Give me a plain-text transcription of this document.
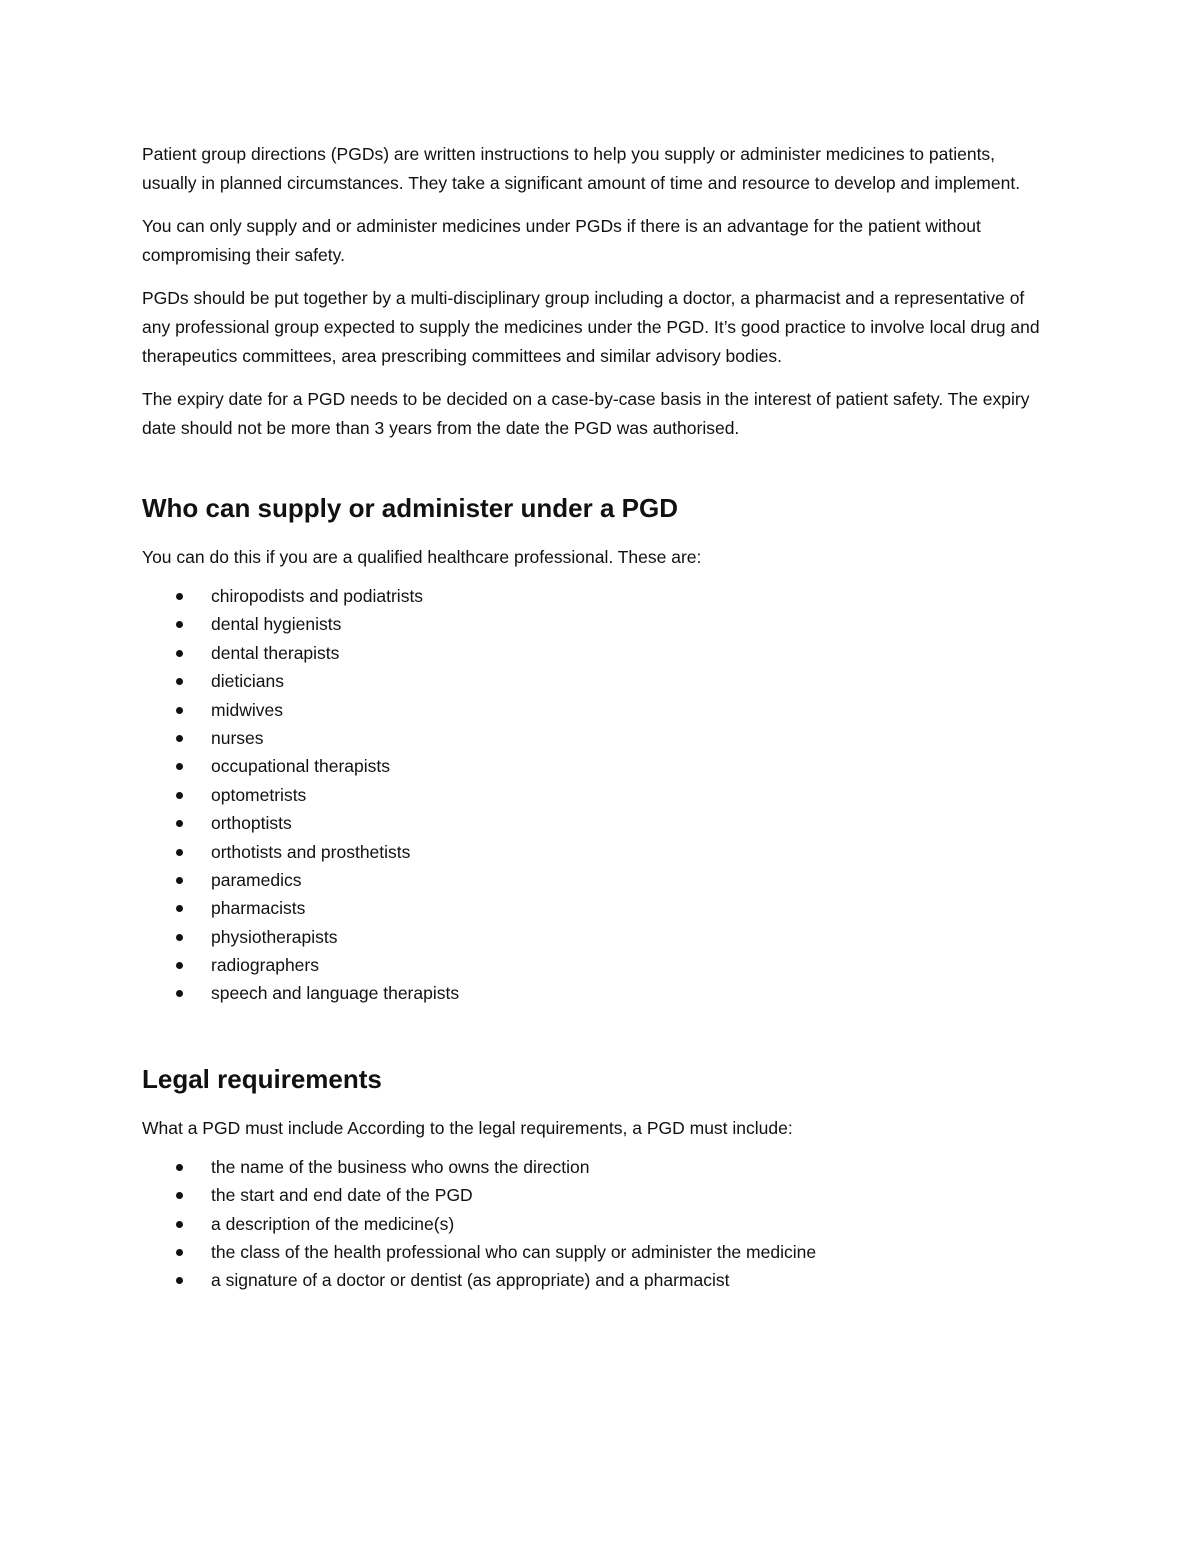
Patient group directions (PGDs) are written instructions to help you supply or administer medicines to patients, usually in planned circumstances. They take a significant amount of time and resource to develop and implement.

You can only supply and or administer medicines under PGDs if there is an advantage for the patient without compromising their safety.

PGDs should be put together by a multi-disciplinary group including a doctor, a pharmacist and a representative of any professional group expected to supply the medicines under the PGD. It’s good practice to involve local drug and therapeutics committees, area prescribing committees and similar advisory bodies.

The expiry date for a PGD needs to be decided on a case-by-case basis in the interest of patient safety. The expiry date should not be more than 3 years from the date the PGD was authorised.

Who can supply or administer under a PGD

You can do this if you are a qualified healthcare professional. These are:

chiropodists and podiatrists
dental hygienists
dental therapists
dieticians
midwives
nurses
occupational therapists
optometrists
orthoptists
orthotists and prosthetists
paramedics
pharmacists
physiotherapists
radiographers
speech and language therapists
Legal requirements

What a PGD must include According to the legal requirements, a PGD must include:

the name of the business who owns the direction
the start and end date of the PGD
a description of the medicine(s)
the class of the health professional who can supply or administer the medicine
a signature of a doctor or dentist (as appropriate) and a pharmacist
